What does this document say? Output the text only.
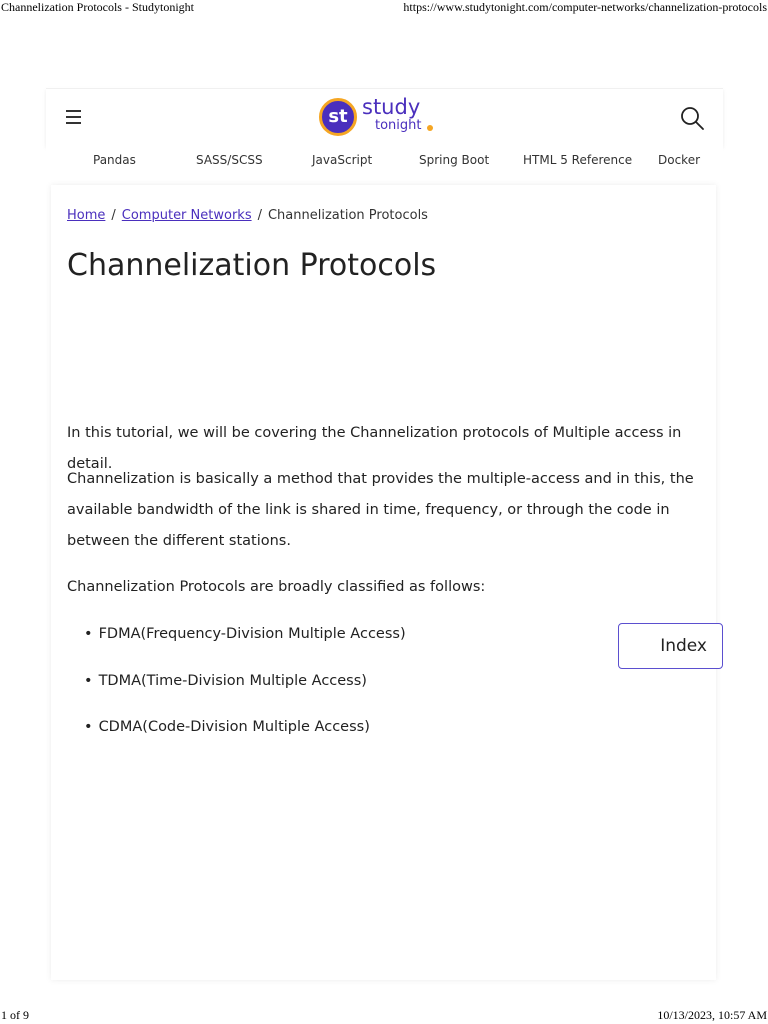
Channelization Protocols - Studytonight	https://www.studytonight.com/computer-networks/channelization-protocols
st study
tonight
Pandas	SASS/SCSS	JavaScript	Spring Boot	HTML 5 Reference Docker
Home / Computer Networks / Channelization Protocols
Channelization Protocols

In this tutorial, we will be covering the Channelization protocols of Multiple access in detail.

Channelization is basically a method that provides the multiple-access and in this, the available bandwidth of the link is shared in time, frequency, or through the code in between the different stations.

Channelization Protocols are broadly classified as follows:

• FDMA(Frequency-Division Multiple Access)
• TDMA(Time-Division Multiple Access)
• CDMA(Code-Division Multiple Access)
Index
1 of 9	10/13/2023, 10:57 AM
